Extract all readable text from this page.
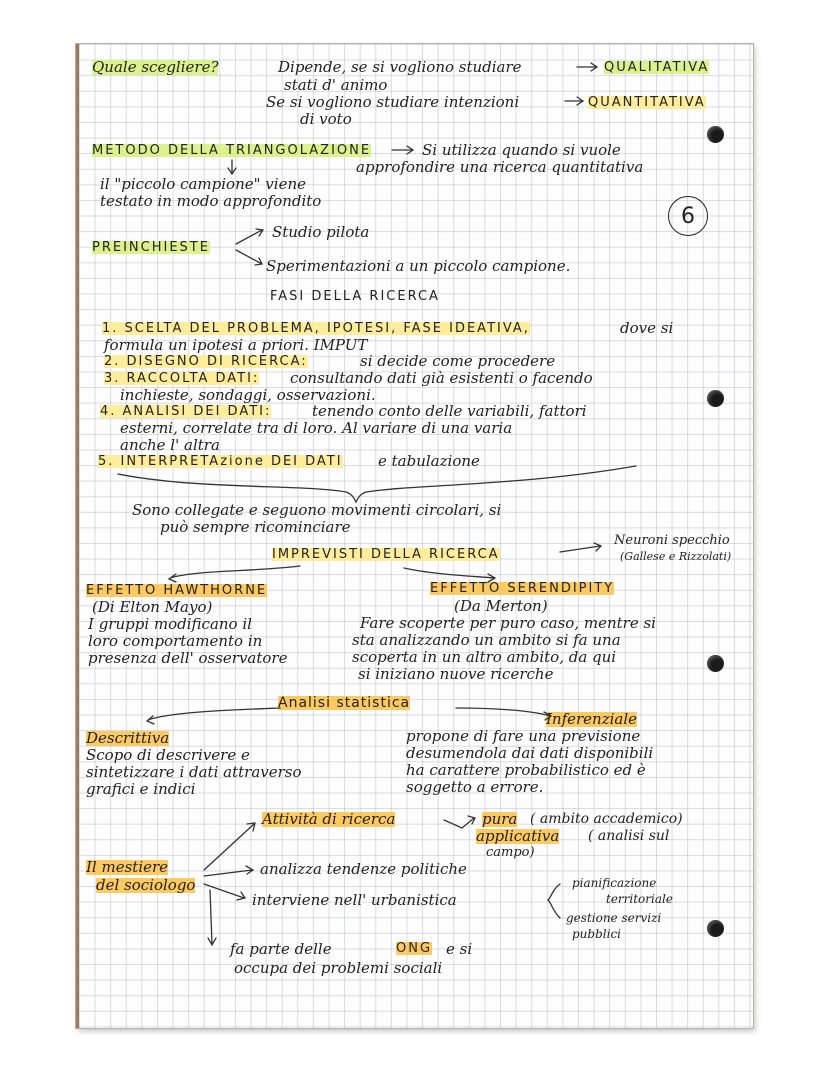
6
Quale scegliere?	Dipende, se si vogliono studiare
stati d' animo
QUALITATIVA
Se si vogliono studiare intenzioni
di voto
QUANTITATIVA
METODO DELLA TRIANGOLAZIONE	Si utilizza quando si vuole
approfondire una ricerca quantitativa
il "piccolo campione" viene
testato in modo approfondito
PREINCHIESTE
Studio pilota
Sperimentazioni a un piccolo campione.
FASI DELLA RICERCA
1. SCELTA DEL PROBLEMA, IPOTESI, FASE IDEATIVA,	dove si
formula un ipotesi a priori. IMPUT
2. DISEGNO DI RICERCA:	si decide come procedere
3. RACCOLTA DATI: consultando dati già esistenti o facendo
inchieste, sondaggi, osservazioni.
4. ANALISI DEI DATI:	tenendo conto delle variabili, fattori
esterni, correlate tra di loro. Al variare di una varia
anche l' altra
5. INTERPRETAzione DEI DATI e tabulazione
Sono collegate e seguono movimenti circolari, si
può sempre ricominciare
Neuroni specchio
(Gallese e Rizzolati)
IMPREVISTI DELLA RICERCA
EFFETTO HAWTHORNE
(Di Elton Mayo)
I gruppi modificano il
loro comportamento in
presenza dell' osservatore
EFFETTO SERENDIPITY
(Da Merton)
Fare scoperte per puro caso, mentre si
sta analizzando un ambito si fa una
scoperta in un altro ambito, da qui
si iniziano nuove ricerche
Analisi statistica
Descrittiva
Scopo di descrivere e
sintetizzare i dati attraverso
grafici e indici
Inferenziale
propone di fare una previsione
desumendola dai dati disponibili
ha carattere probabilistico ed è
soggetto a errore.
Attività di ricerca	pura ( ambito accademico)
applicativa ( analisi sul
campo)
Il mestiere
del sociologo
analizza tendenze politiche
interviene nell' urbanistica
pianificazione
territoriale
gestione servizi
pubblici
fa parte delle	ONG e si
occupa dei problemi sociali
